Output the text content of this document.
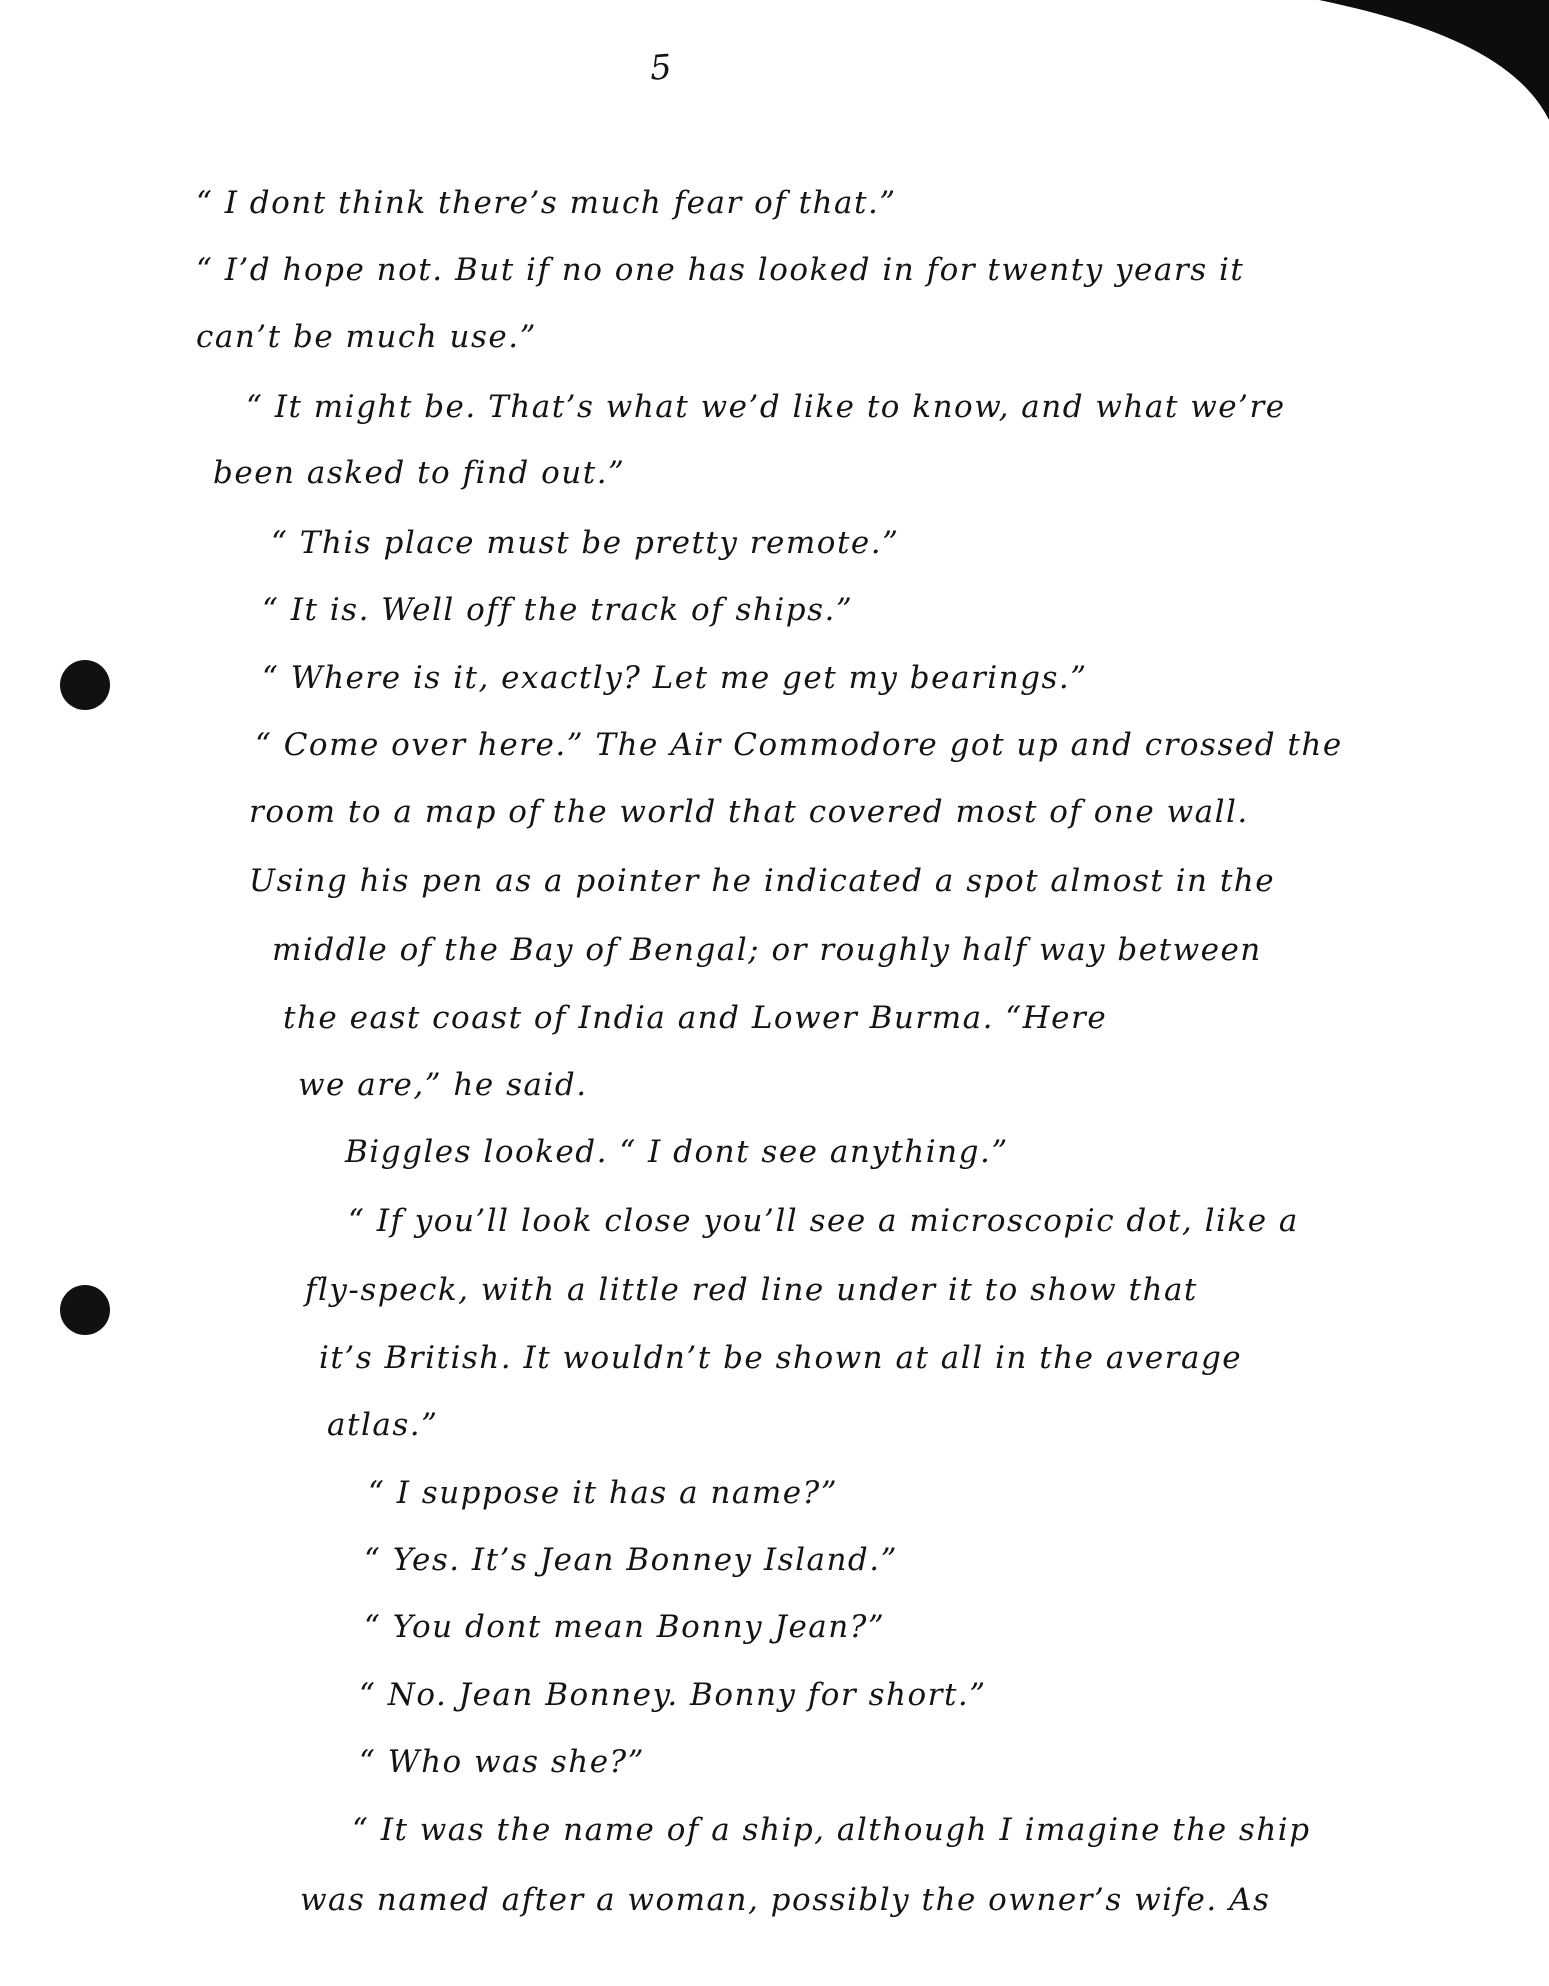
5
“ I dont think there’s much fear of that.”
“ I’d hope not. But if no one has looked in for twenty years it
can’t be much use.”
“ It might be. That’s what we’d like to know, and what we’re
been asked to find out.”
“ This place must be pretty remote.”
“ It is. Well off the track of ships.”
“ Where is it, exactly? Let me get my bearings.”
“ Come over here.” The Air Commodore got up and crossed the
room to a map of the world that covered most of one wall.
Using his pen as a pointer he indicated a spot almost in the
middle of the Bay of Bengal; or roughly half way between
the east coast of India and Lower Burma. “Here
we are,” he said.
Biggles looked. “ I dont see anything.”
“ If you’ll look close you’ll see a microscopic dot, like a
fly-speck, with a little red line under it to show that
it’s British. It wouldn’t be shown at all in the average
atlas.”
“ I suppose it has a name?”
“ Yes. It’s Jean Bonney Island.”
“ You dont mean Bonny Jean?”
“ No. Jean Bonney. Bonny for short.”
“ Who was she?”
“ It was the name of a ship, although I imagine the ship
was named after a woman, possibly the owner’s wife. As
